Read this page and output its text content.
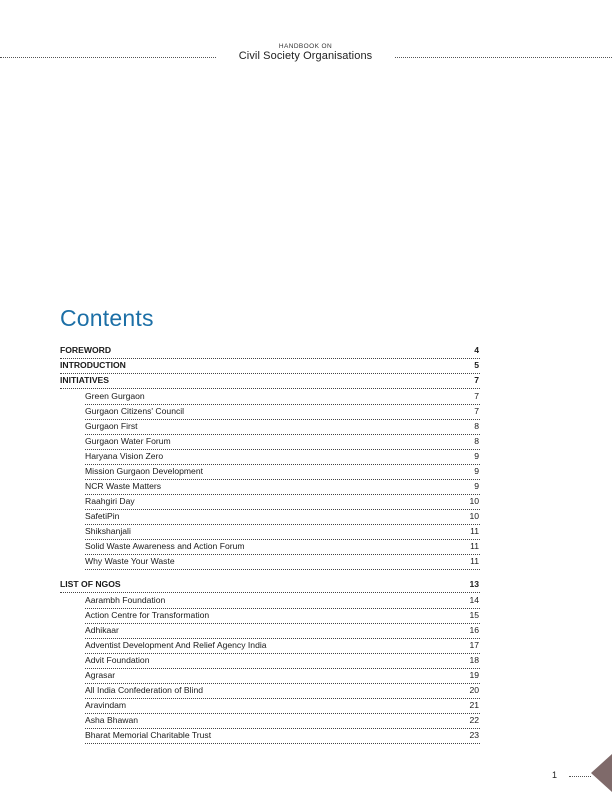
HANDBOOK ON
Civil Society Organisations
Contents
FOREWORD	4
INTRODUCTION	5
INITIATIVES	7
Green Gurgaon	7
Gurgaon Citizens' Council	7
Gurgaon First	8
Gurgaon Water Forum	8
Haryana Vision Zero	9
Mission Gurgaon Development	9
NCR Waste Matters	9
Raahgiri Day	10
SafetiPin	10
Shikshanjali	11
Solid Waste Awareness and Action Forum	11
Why Waste Your Waste	11
LIST OF NGOS	13
Aarambh Foundation	14
Action Centre for Transformation	15
Adhikaar	16
Adventist Development And Relief Agency India	17
Advit Foundation	18
Agrasar	19
All India Confederation of Blind	20
Aravindam	21
Asha Bhawan	22
Bharat Memorial Charitable Trust	23
1
